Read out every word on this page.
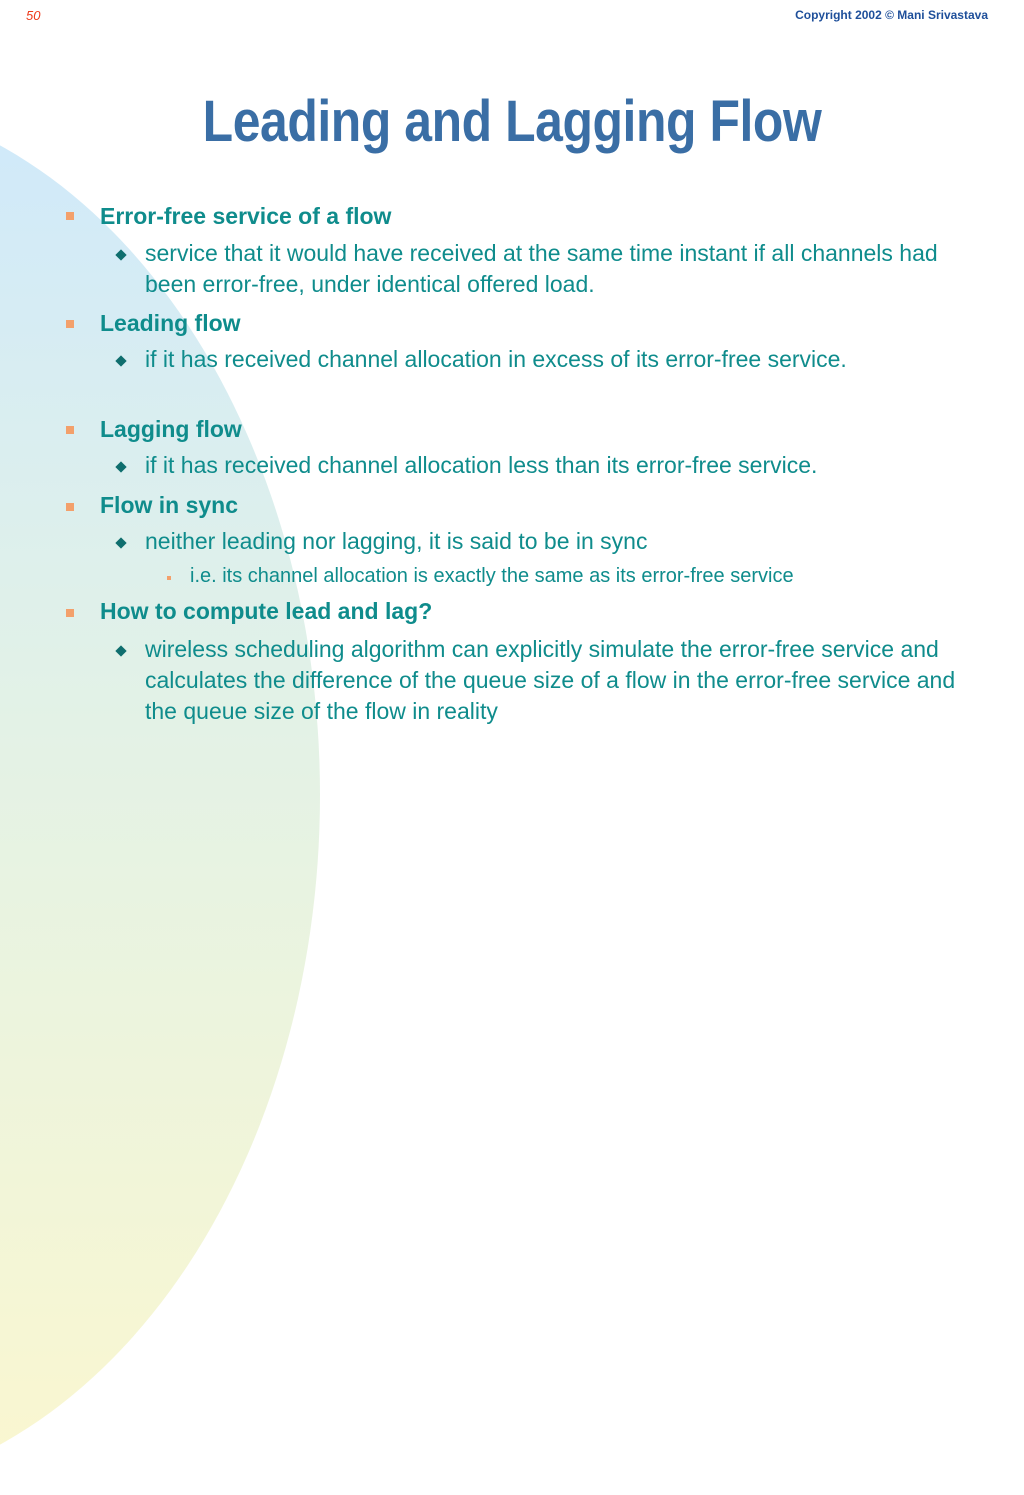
50	Copyright 2002 © Mani Srivastava
Leading and Lagging Flow
Error-free service of a flow
service that it would have received at the same time instant if all channels had been error-free, under identical offered load.
Leading flow
if it has received channel allocation in excess of its error-free service.
Lagging flow
if it has received channel allocation less than its error-free service.
Flow in sync
neither leading nor lagging, it is said to be in sync
i.e. its channel allocation is exactly the same as its error-free service
How to compute lead and lag?
wireless scheduling algorithm can explicitly simulate the error-free service and calculates the difference of the queue size of a flow in the error-free service and the queue size of the flow in reality
